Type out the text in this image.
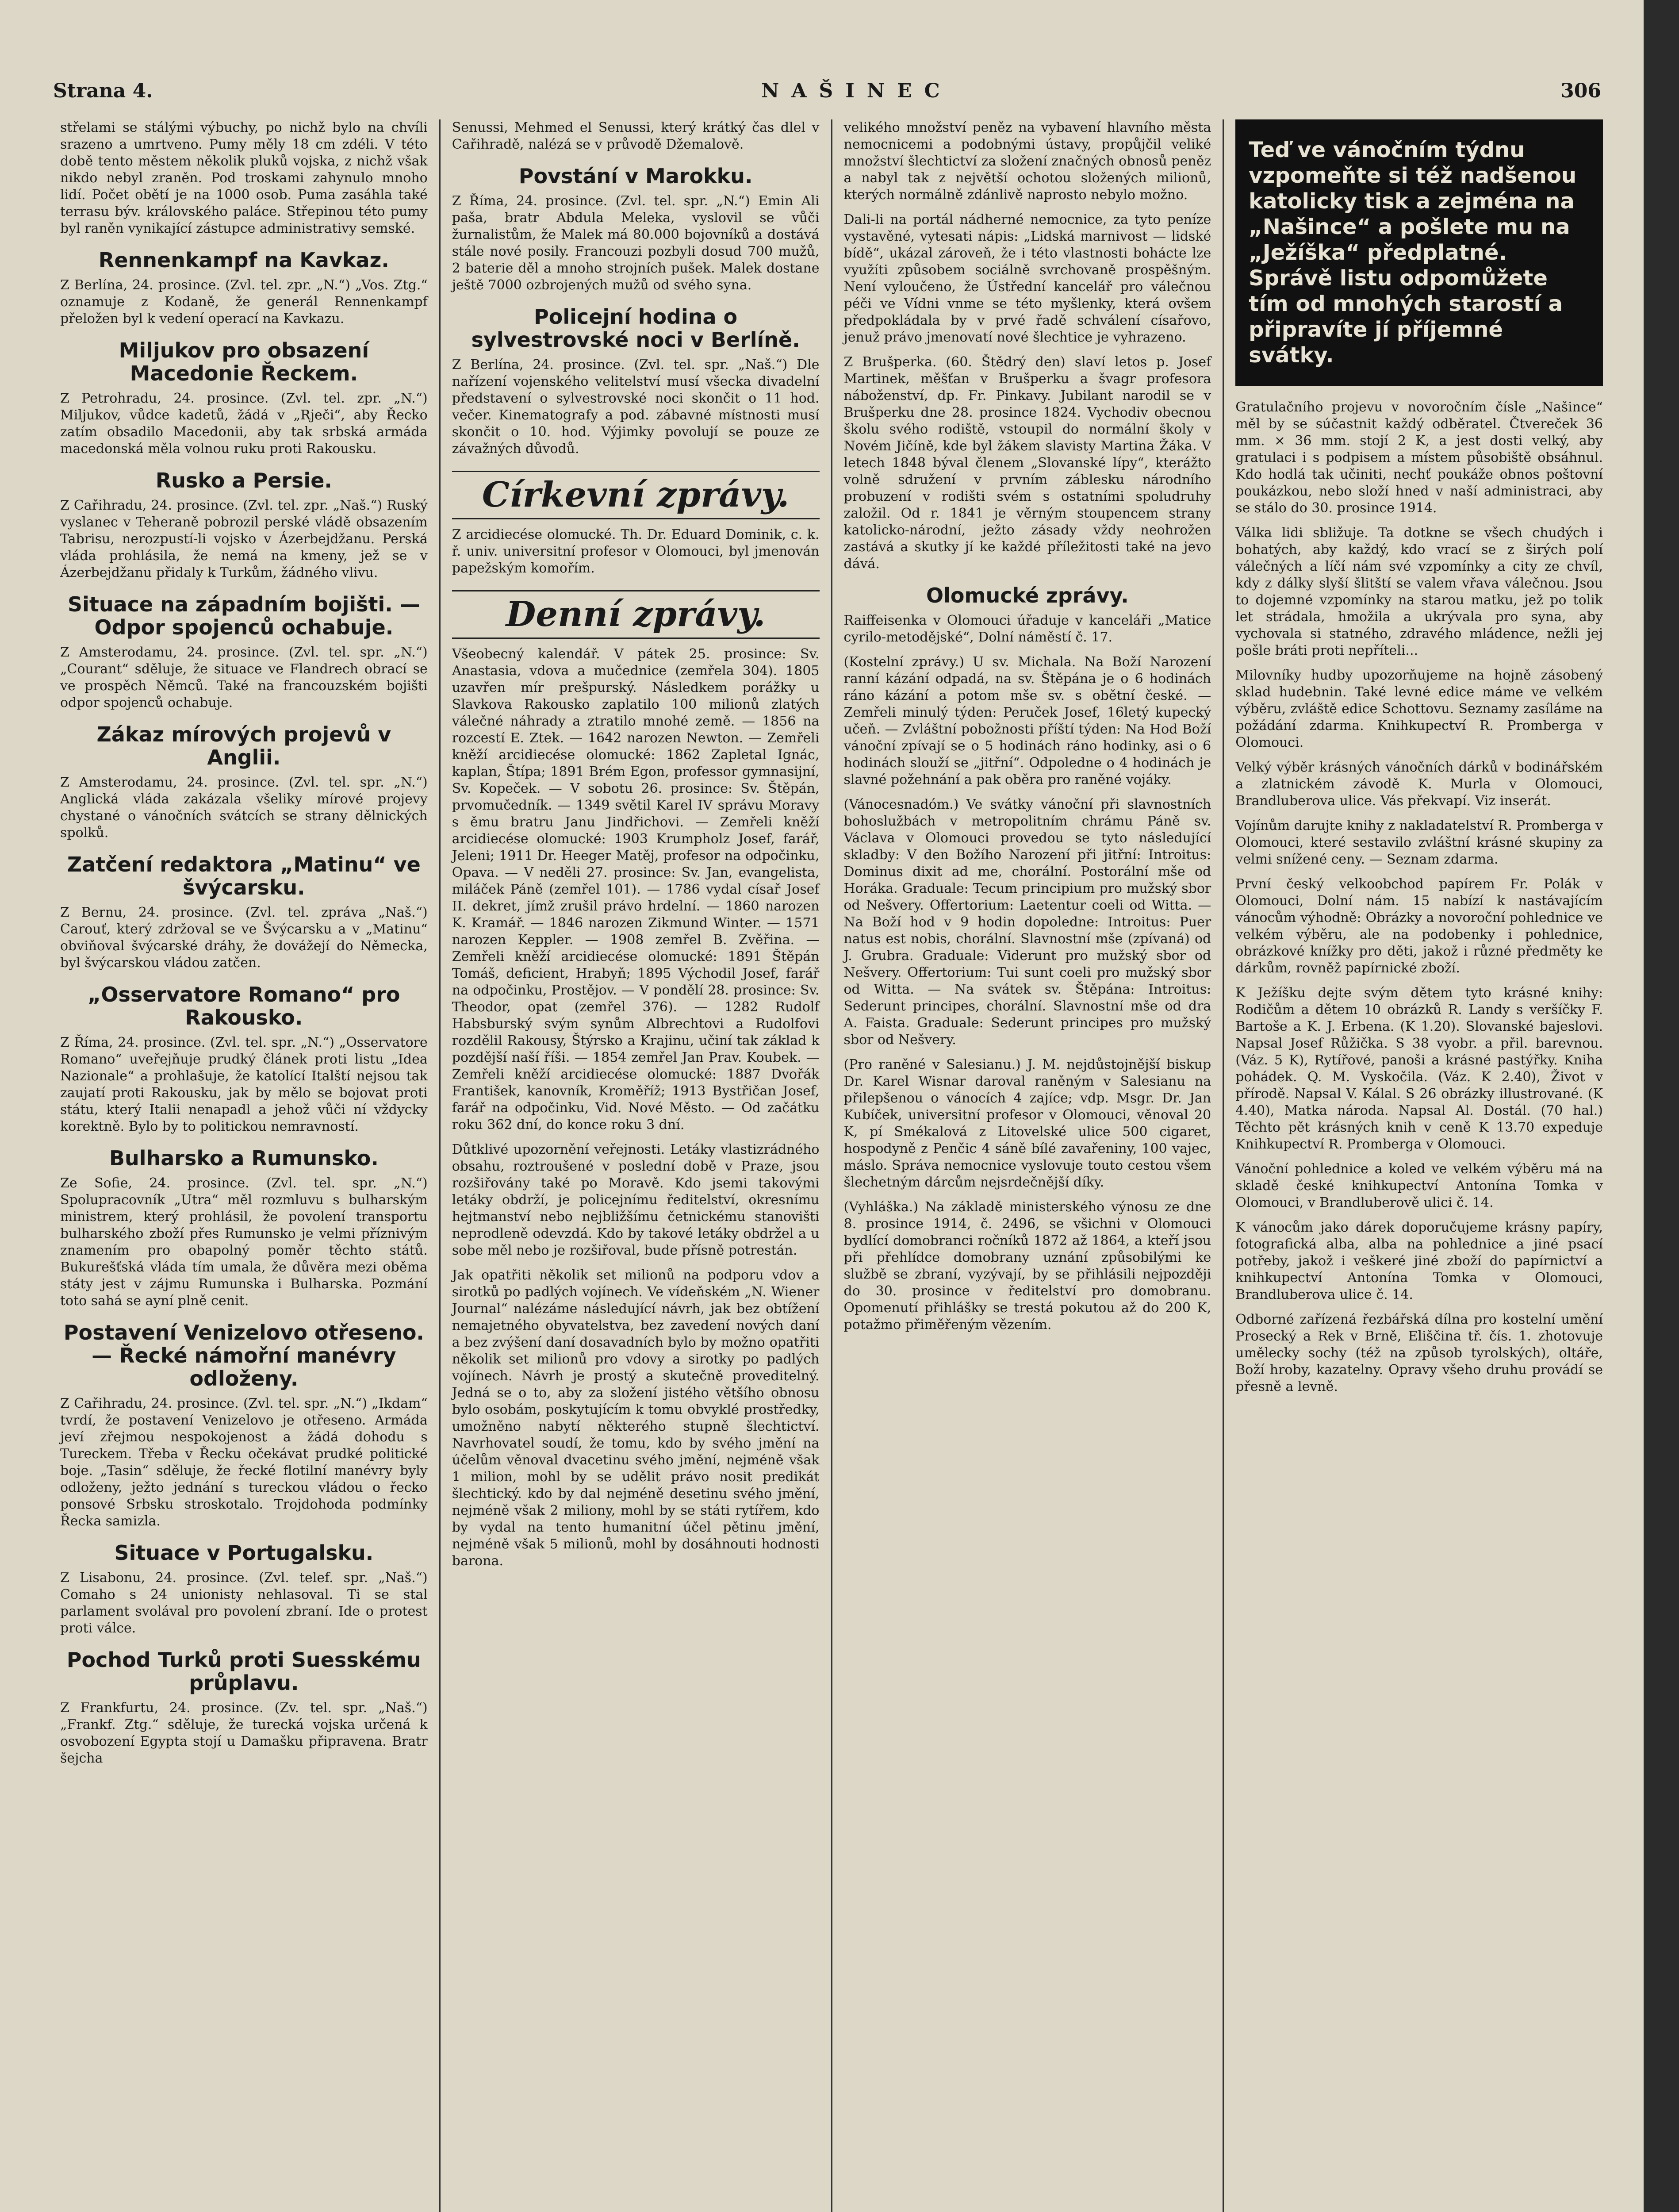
Strana 4.	NAŠINEC	306

střelami se stálými výbuchy, po nichž bylo na chvíli srazeno a umrtveno. Pumy měly 18 cm zdéli. V této době tento městem několik pluků vojska, z nichž však nikdo nebyl zraněn. Pod troskami zahynulo mnoho lidí. Počet obětí je na 1000 osob. Puma zasáhla také terrasu býv. královského paláce. Střepinou této pumy byl raněn vynikající zástupce administrativy semské.

Rennenkampf na Kavkaz.

Z Berlína, 24. prosince. (Zvl. tel. zpr. „N.“) „Vos. Ztg.“ oznamuje z Kodaně, že generál Rennenkampf přeložen byl k vedení operací na Kavkazu.

Miljukov pro obsazení Macedonie Řeckem.

Z Petrohradu, 24. prosince. (Zvl. tel. zpr. „N.“) Miljukov, vůdce kadetů, žádá v „Rječi“, aby Řecko zatím obsadilo Macedonii, aby tak srbská armáda macedonská měla volnou ruku proti Rakousku.

Rusko a Persie.

Z Cařihradu, 24. prosince. (Zvl. tel. zpr. „Naš.“) Ruský vyslanec v Teheraně pobrozil perské vládě obsazením Tabrisu, nerozpustí-li vojsko v Ázerbejdžanu. Perská vláda prohlásila, že nemá na kmeny, jež se v Ázerbejdžanu přidaly k Turkům, žádného vlivu.

Situace na západním bojišti. — Odpor spojenců ochabuje.

Z Amsterodamu, 24. prosince. (Zvl. tel. spr. „N.“) „Courant“ sděluje, že situace ve Flandrech obrací se ve prospěch Němců. Také na francouzském bojišti odpor spojenců ochabuje.

Zákaz mírových projevů v Anglii.

Z Amsterodamu, 24. prosince. (Zvl. tel. spr. „N.“) Anglická vláda zakázala všeliky mírové projevy chystané o vánočních svátcích se strany dělnických spolků.

Zatčení redaktora „Matinu“ ve švýcarsku.

Z Bernu, 24. prosince. (Zvl. tel. zpráva „Naš.“) Carouť, který zdržoval se ve Švýcarsku a v „Matinu“ obviňoval švýcarské dráhy, že dovážejí do Německa, byl švýcarskou vládou zatčen.

„Osservatore Romano“ pro Rakousko.

Z Říma, 24. prosince. (Zvl. tel. spr. „N.“) „Osservatore Romano“ uveřejňuje prudký článek proti listu „Idea Nazionale“ a prohlašuje, že katolící Italští nejsou tak zaujatí proti Rakousku, jak by mělo se bojovat proti státu, který Italii nenapadl a jehož vůči ní vždycky korektně. Bylo by to politickou nemravností.

Bulharsko a Rumunsko.

Ze Sofie, 24. prosince. (Zvl. tel. spr. „N.“) Spolupracovník „Utra“ měl rozmluvu s bulharským ministrem, který prohlásil, že povolení transportu bulharského zboží přes Rumunsko je velmi příznivým znamením pro obapolný poměr těchto států. Bukurešťská vláda tím umala, že důvěra mezi oběma státy jest v zájmu Rumunska i Bulharska. Pozmání toto sahá se ayní plně cenit.

Postavení Venizelovo otřeseno. — Řecké námořní manévry odloženy.

Z Cařihradu, 24. prosince. (Zvl. tel. spr. „N.“) „Ikdam“ tvrdí, že postavení Venizelovo je otřeseno. Armáda jeví zřejmou nespokojenost a žádá dohodu s Tureckem. Třeba v Řecku očekávat prudké politické boje. „Tasin“ sděluje, že řecké flotilní manévry byly odloženy, ježto jednání s tureckou vládou o řecko ponsové Srbsku stroskotalo. Trojdohoda podmínky Řecka samizla.

Situace v Portugalsku.

Z Lisabonu, 24. prosince. (Zvl. telef. spr. „Naš.“) Comaho s 24 unionisty nehlasoval. Ti se stal parlament svolával pro povolení zbraní. Ide o protest proti válce.

Pochod Turků proti Suesskému průplavu.

Z Frankfurtu, 24. prosince. (Zv. tel. spr. „Naš.“) „Frankf. Ztg.“ sděluje, že turecká vojska určená k osvobození Egypta stojí u Damašku připravena. Bratr šejcha

Senussi, Mehmed el Senussi, který krátký čas dlel v Cařihradě, nalézá se v průvodě Džemalově.

Povstání v Marokku.

Z Říma, 24. prosince. (Zvl. tel. spr. „N.“) Emin Ali paša, bratr Abdula Meleka, vyslovil se vůči žurnalistům, že Malek má 80.000 bojovníků a dostává stále nové posily. Francouzi pozbyli dosud 700 mužů, 2 baterie děl a mnoho strojních pušek. Malek dostane ještě 7000 ozbrojených mužů od svého syna.

Policejní hodina o sylvestrovské noci v Berlíně.

Z Berlína, 24. prosince. (Zvl. tel. spr. „Naš.“) Dle nařízení vojenského velitelství musí všecka divadelní představení o sylvestrovské noci skončit o 11 hod. večer. Kinematografy a pod. zábavné místnosti musí skončit o 10. hod. Výjimky povolují se pouze ze závažných důvodů.

Církevní zprávy.

Z arcidiecése olomucké. Th. Dr. Eduard Dominik, c. k. ř. univ. universitní profesor v Olomouci, byl jmenován papežským komořím.

Denní zprávy.

Všeobecný kalendář. V pátek 25. prosince: Sv. Anastasia, vdova a mučednice (zemřela 304). 1805 uzavřen mír prešpurský. Následkem porážky u Slavkova Rakousko zaplatilo 100 milionů zlatých válečné náhrady a ztratilo mnohé země. — 1856 na rozcestí E. Ztek. — 1642 narozen Newton. — Zemřeli kněží arcidiecése olomucké: 1862 Zapletal Ignác, kaplan, Štípa; 1891 Brém Egon, professor gymnasijní, Sv. Kopeček. — V sobotu 26. prosince: Sv. Štěpán, prvomučedník. — 1349 světil Karel IV správu Moravy s ěmu bratru Janu Jindřichovi. — Zemřeli kněží arcidiecése olomucké: 1903 Krumpholz Josef, farář, Jeleni; 1911 Dr. Heeger Matěj, profesor na odpočinku, Opava. — V neděli 27. prosince: Sv. Jan, evangelista, miláček Páně (zemřel 101). — 1786 vydal císař Josef II. dekret, jímž zrušil právo hrdelní. — 1860 narozen K. Kramář. — 1846 narozen Zikmund Winter. — 1571 narozen Keppler. — 1908 zemřel B. Zvěřina. — Zemřeli kněží arcidiecése olomucké: 1891 Štěpán Tomáš, deficient, Hrabyň; 1895 Východil Josef, farář na odpočinku, Prostějov. — V pondělí 28. prosince: Sv. Theodor, opat (zemřel 376). — 1282 Rudolf Habsburský svým synům Albrechtovi a Rudolfovi rozdělil Rakousy, Štýrsko a Krajinu, učiní tak základ k pozdější naší říši. — 1854 zemřel Jan Prav. Koubek. — Zemřeli kněží arcidiecése olomucké: 1887 Dvořák František, kanovník, Kroměříž; 1913 Bystřičan Josef, farář na odpočinku, Vid. Nové Město. — Od začátku roku 362 dní, do konce roku 3 dní.

Důtklivé upozornění veřejnosti. Letáky vlastizrádného obsahu, roztroušené v poslední době v Praze, jsou rozšiřovány také po Moravě. Kdo jsemi takovými letáky obdrží, je policejnímu ředitelství, okresnímu hejtmanství nebo nejbližšímu četnickému stanovišti neprodleně odevzdá. Kdo by takové letáky obdržel a u sobe měl nebo je rozšiřoval, bude přísně potrestán.

Jak opatřiti několik set milionů na podporu vdov a sirotků po padlých vojínech. Ve vídeňském „N. Wiener Journal“ nalézáme následující návrh, jak bez obtížení nemajetného obyvatelstva, bez zavedení nových daní a bez zvýšení daní dosavadních bylo by možno opatřiti několik set milionů pro vdovy a sirotky po padlých vojínech. Návrh je prostý a skutečně proveditelný. Jedná se o to, aby za složení jistého většího obnosu bylo osobám, poskytujícím k tomu obvyklé prostředky, umožněno nabytí některého stupně šlechtictví. Navrhovatel soudí, že tomu, kdo by svého jmění na účelům věnoval dvacetinu svého jmění, nejméně však 1 milion, mohl by se udělit právo nosit predikát šlechtický. kdo by dal nejméně desetinu svého jmění, nejméně však 2 miliony, mohl by se státi rytířem, kdo by vydal na tento humanitní účel pětinu jmění, nejméně však 5 milionů, mohl by dosáhnouti hodnosti barona.

velikého množství peněz na vybavení hlavního města nemocnicemi a podobnými ústavy, propůjčil veliké množství šlechtictví za složení značných obnosů peněz a nabyl tak z největší ochotou složených milionů, kterých normálně zdánlivě naprosto nebylo možno.

Dali-li na portál nádherné nemocnice, za tyto peníze vystavěné, vytesati nápis: „Lidská marnivost — lidské bídě“, ukázal zároveň, že i této vlastnosti bohácte lze využíti způsobem sociálně svrchovaně prospěšným. Není vyloučeno, že Ústřední kancelář pro válečnou péči ve Vídni vnme se této myšlenky, která ovšem předpokládala by v prvé řadě schválení císařovo, jenuž právo jmenovatí nové šlechtice je vyhrazeno.

Z Brušperka. (60. Štědrý den) slaví letos p. Josef Martinek, měšťan v Brušperku a švagr profesora náboženství, dp. Fr. Pinkavy. Jubilant narodil se v Brušperku dne 28. prosince 1824. Vychodiv obecnou školu svého rodiště, vstoupil do normální školy v Novém Jičíně, kde byl žákem slavisty Martina Žáka. V letech 1848 býval členem „Slovanské lípy“, kterážto volně sdružení v prvním záblesku národního probuzení v rodišti svém s ostatními spoludruhy založil. Od r. 1841 je věrným stoupencem strany katolicko-národní, ježto zásady vždy neohrožen zastává a skutky jí ke každé příležitosti také na jevo dává.

Olomucké zprávy.

Raiffeisenka v Olomouci úřaduje v kanceláři „Matice cyrilo-metodějské“, Dolní náměstí č. 17.

(Kostelní zprávy.) U sv. Michala. Na Boží Narození ranní kázání odpadá, na sv. Štěpána je o 6 hodinách ráno kázání a potom mše sv. s obětní české. — Zemřeli minulý týden: Peruček Josef, 16letý kupecký učeň. — Zvláštní pobožnosti příští týden: Na Hod Boží vánoční zpívají se o 5 hodinách ráno hodinky, asi o 6 hodinách slouží se „jitřní“. Odpoledne o 4 hodinách je slavné požehnání a pak oběra pro raněné vojáky.

(Vánocesnadóm.) Ve svátky vánoční při slavnostních bohoslužbách v metropolitním chrámu Páně sv. Václava v Olomouci provedou se tyto následující skladby: V den Božího Narození při jitřní: Introitus: Dominus dixit ad me, chorální. Postorální mše od Horáka. Graduale: Tecum principium pro mužský sbor od Nešvery. Offertorium: Laetentur coeli od Witta. — Na Boží hod v 9 hodin dopoledne: Introitus: Puer natus est nobis, chorální. Slavnostní mše (zpívaná) od J. Grubra. Graduale: Viderunt pro mužský sbor od Nešvery. Offertorium: Tui sunt coeli pro mužský sbor od Witta. — Na svátek sv. Štěpána: Introitus: Sederunt principes, chorální. Slavnostní mše od dra A. Faista. Graduale: Sederunt principes pro mužský sbor od Nešvery.

(Pro raněné v Salesianu.) J. M. nejdůstojnější biskup Dr. Karel Wisnar daroval raněným v Salesianu na přilepšenou o vánocích 4 zajíce; vdp. Msgr. Dr. Jan Kubíček, universitní profesor v Olomouci, věnoval 20 K, pí Smékalová z Litovelské ulice 500 cigaret, hospodyně z Penčic 4 sáně bílé zavařeniny, 100 vajec, máslo. Správa nemocnice vyslovuje touto cestou všem šlechetným dárcům nejsrdečnější díky.

(Vyhláška.) Na základě ministerského výnosu ze dne 8. prosince 1914, č. 2496, se všichni v Olomouci bydlící domobranci ročníků 1872 až 1864, a kteří jsou při přehlídce domobrany uznání způsobilými ke službě se zbraní, vyzývají, by se přihlásili nejpozději do 30. prosince v ředitelství pro domobranu. Opomenutí přihlášky se trestá pokutou až do 200 K, potažmo přiměřeným vězením.

Teď ve vánočním týdnu vzpomeňte si též nadšenou katolicky tisk a zejména na „Našince“ a pošlete mu na „Ježíška“ předplatné. Správě listu odpomůžete tím od mnohých starostí a připravíte jí příjemné svátky.

Gratulačního projevu v novoročním čísle „Našince“ měl by se súčastnit každý odběratel. Čtvereček 36 mm. × 36 mm. stojí 2 K, a jest dosti velký, aby gratulaci i s podpisem a místem působiště obsáhnul. Kdo hodlá tak učiniti, nechť poukáže obnos poštovní poukázkou, nebo složí hned v naší administraci, aby se stálo do 30. prosince 1914.

Válka lidi sbližuje. Ta dotkne se všech chudých i bohatých, aby každý, kdo vrací se z širých polí válečných a líčí nám své vzpomínky a city ze chvíl, kdy z dálky slyší šlitští se valem vřava válečnou. Jsou to dojemné vzpomínky na starou matku, jež po tolik let strádala, hmožila a ukrývala pro syna, aby vychovala si statného, zdravého mládence, nežli jej pošle bráti proti nepříteli...

Milovníky hudby upozorňujeme na hojně zásobený sklad hudebnin. Také levné edice máme ve velkém výběru, zvláště edice Schottovu. Seznamy zasíláme na požádání zdarma. Knihkupectví R. Promberga v Olomouci.

Velký výběr krásných vánočních dárků v bodinářském a zlatnickém závodě K. Murla v Olomouci, Brandluberova ulice. Vás překvapí. Viz inserát.

Vojínům darujte knihy z nakladatelství R. Promberga v Olomouci, které sestavilo zvláštní krásné skupiny za velmi snížené ceny. — Seznam zdarma.

První český velkoobchod papírem Fr. Polák v Olomouci, Dolní nám. 15 nabízí k nastávajícím vánocům výhodně: Obrázky a novoroční pohlednice ve velkém výběru, ale na podobenky i pohlednice, obrázkové knížky pro děti, jakož i různé předměty ke dárkům, rovněž papírnické zboží.

K Ježíšku dejte svým dětem tyto krásné knihy: Rodičům a dětem 10 obrázků R. Landy s veršíčky F. Bartoše a K. J. Erbena. (K 1.20). Slovanské bajeslovi. Napsal Josef Růžička. S 38 vyobr. a přil. barevnou. (Váz. 5 K), Rytířové, panoši a krásné pastýřky. Kniha pohádek. Q. M. Vyskočila. (Váz. K 2.40), Život v přírodě. Napsal V. Kálal. S 26 obrázky illustrované. (K 4.40), Matka národa. Napsal Al. Dostál. (70 hal.) Těchto pět krásných knih v ceně K 13.70 expeduje Knihkupectví R. Promberga v Olomouci.

Vánoční pohlednice a koled ve velkém výběru má na skladě české knihkupectví Antonína Tomka v Olomouci, v Brandluberově ulici č. 14.

K vánocům jako dárek doporučujeme krásny papíry, fotografická alba, alba na pohlednice a jiné psací potřeby, jakož i veškeré jiné zboží do papírnictví a knihkupectví Antonína Tomka v Olomouci, Brandluberova ulice č. 14.

Odborné zařízená řezbářská dílna pro kostelní umění Prosecký a Rek v Brně, Eliščina tř. čís. 1. zhotovuje umělecky sochy (též na způsob tyrolských), oltáře, Boží hroby, kazatelny. Opravy všeho druhu provádí se přesně a levně.
